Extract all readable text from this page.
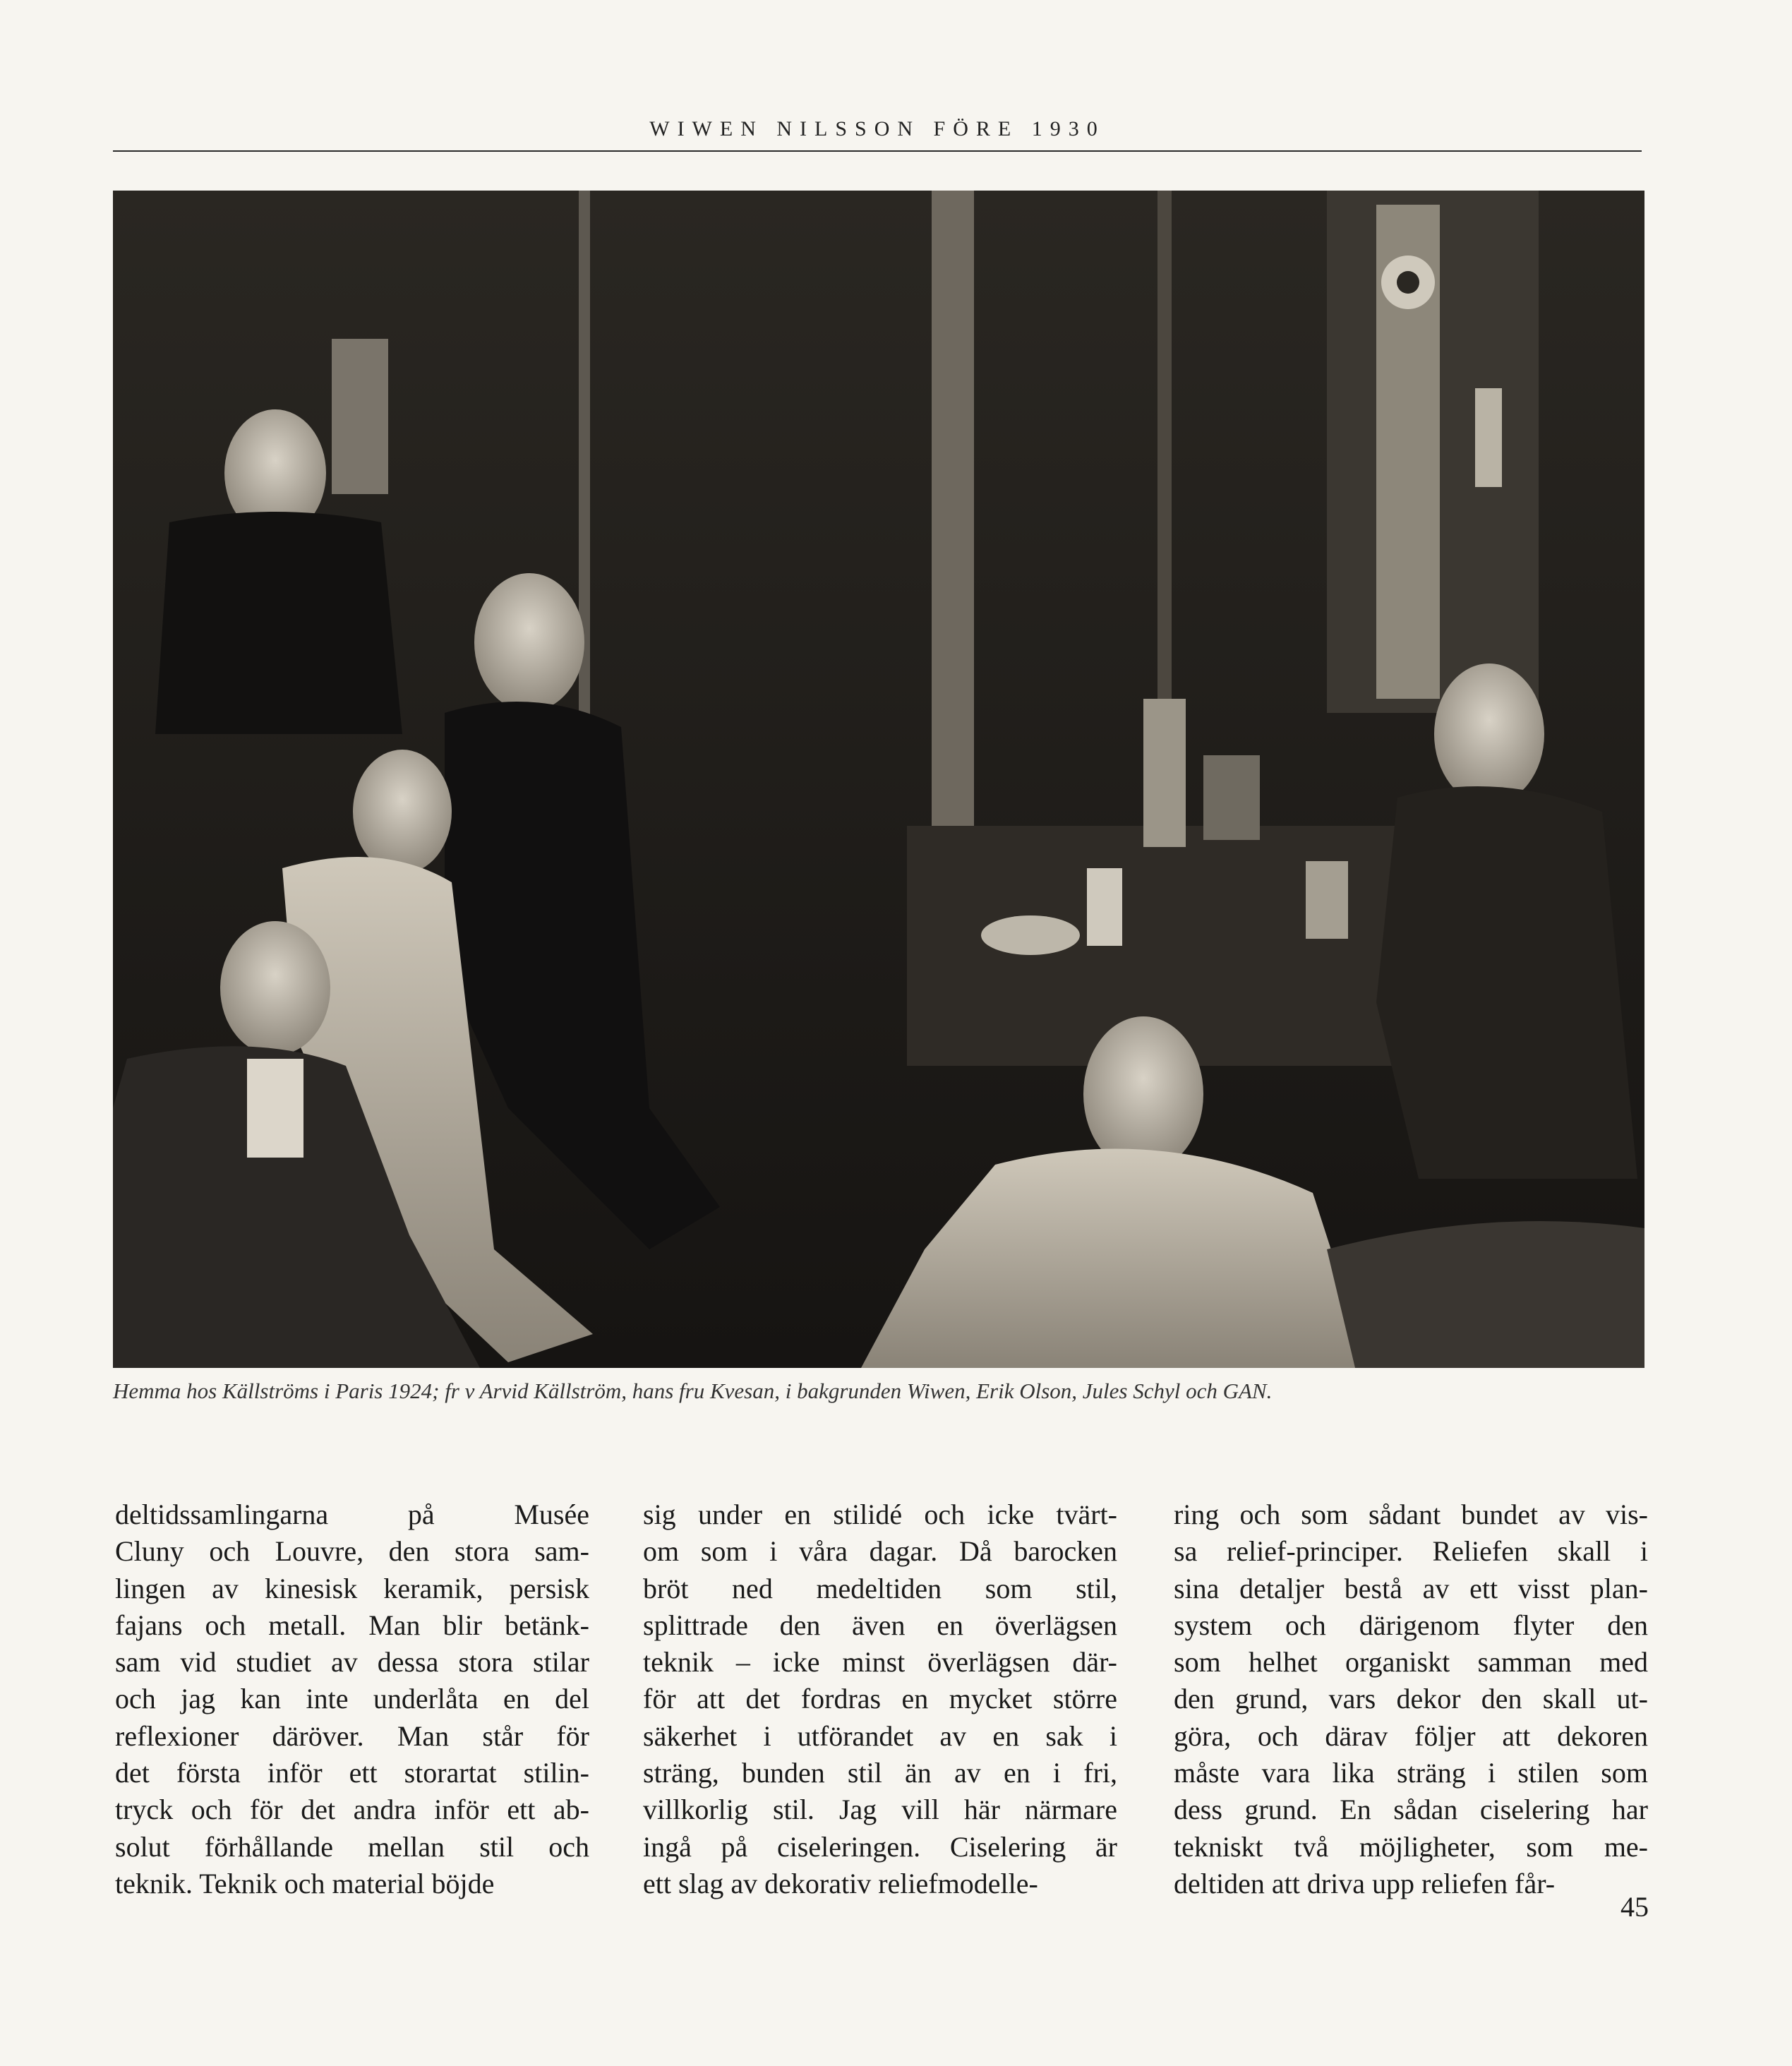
WIWEN NILSSON FÖRE 1930
Hemma hos Källströms i Paris 1924; fr v Arvid Källström, hans fru Kvesan, i bakgrunden Wiwen, Erik Olson, Jules Schyl och GAN.
deltidssamlingarna på Musée
Cluny och Louvre, den stora sam-
lingen av kinesisk keramik, persisk
fajans och metall. Man blir betänk-
sam vid studiet av dessa stora stilar
och jag kan inte underlåta en del
reflexioner däröver. Man står för
det första inför ett storartat stilin-
tryck och för det andra inför ett ab-
solut förhållande mellan stil och
teknik. Teknik och material böjde
sig under en stilidé och icke tvärt-
om som i våra dagar. Då barocken
bröt ned medeltiden som stil,
splittrade den även en överlägsen
teknik – icke minst överlägsen där-
för att det fordras en mycket större
säkerhet i utförandet av en sak i
sträng, bunden stil än av en i fri,
villkorlig stil. Jag vill här närmare
ingå på ciseleringen. Ciselering är
ett slag av dekorativ reliefmodelle-
ring och som sådant bundet av vis-
sa relief-principer. Reliefen skall i
sina detaljer bestå av ett visst plan-
system och därigenom flyter den
som helhet organiskt samman med
den grund, vars dekor den skall ut-
göra, och därav följer att dekoren
måste vara lika sträng i stilen som
dess grund. En sådan ciselering har
tekniskt två möjligheter, som me-
deltiden att driva upp reliefen får-
45
